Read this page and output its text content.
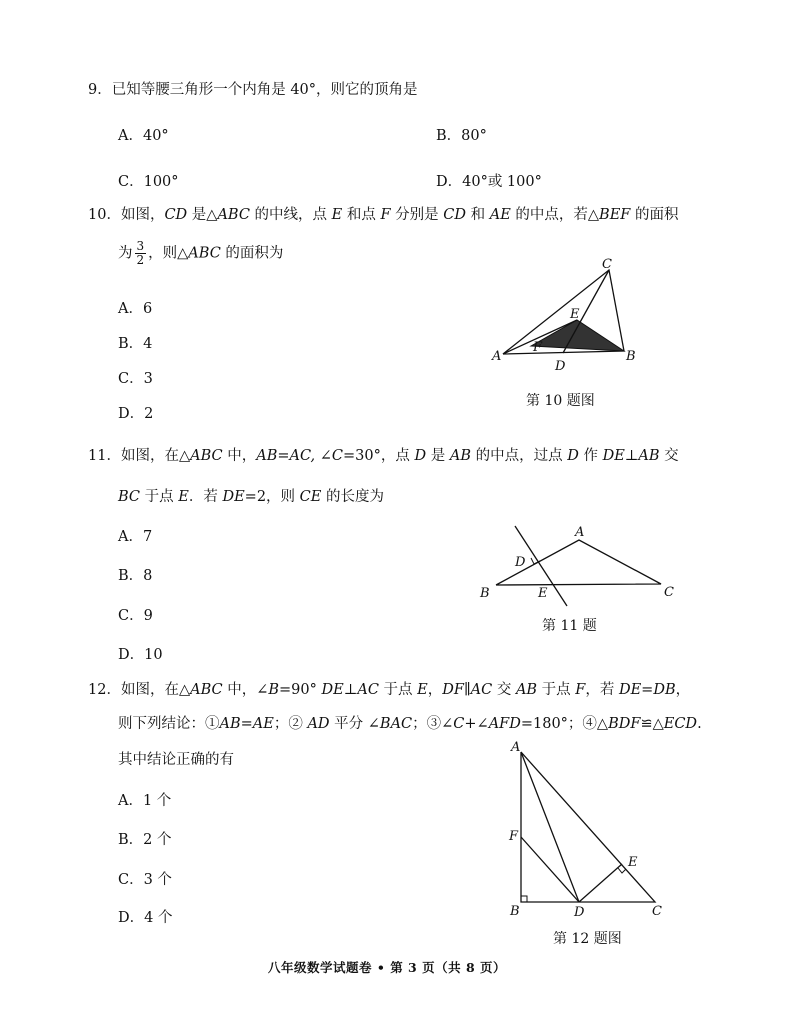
9．已知等腰三角形一个内角是 40°，则它的顶角是
A．40°	B．80°
C．100°	D．40°或 100°
10．如图，CD 是△ABC 的中线，点 E 和点 F 分别是 CD 和 AE 的中点，若△BEF 的面积
为 $\frac{3}{2}$ ，则△ABC 的面积为
A．6
B．4
C．3
D．2
C
E
F
A
D
B
第 10 题图
11．如图，在△ABC 中，AB=AC, ∠C=30°，点 D 是 AB 的中点，过点 D 作 DE⊥AB 交
BC 于点 E．若 DE=2，则 CE 的长度为
A．7
B．8
C．9
D．10
A
D
B	E	C
第 11 题
12．如图，在△ABC 中，∠B=90° DE⊥AC 于点 E，DF∥AC 交 AB 于点 F，若 DE=DB，
则下列结论：①AB=AE；② AD 平分 ∠BAC；③∠C+∠AFD=180°；④△BDF≌△ECD.
其中结论正确的有
A．1 个
B．2 个
C．3 个
D．4 个
A
F
E
B	D	C
第 12 题图
八年级数学试题卷 • 第 3 页（共 8 页）
